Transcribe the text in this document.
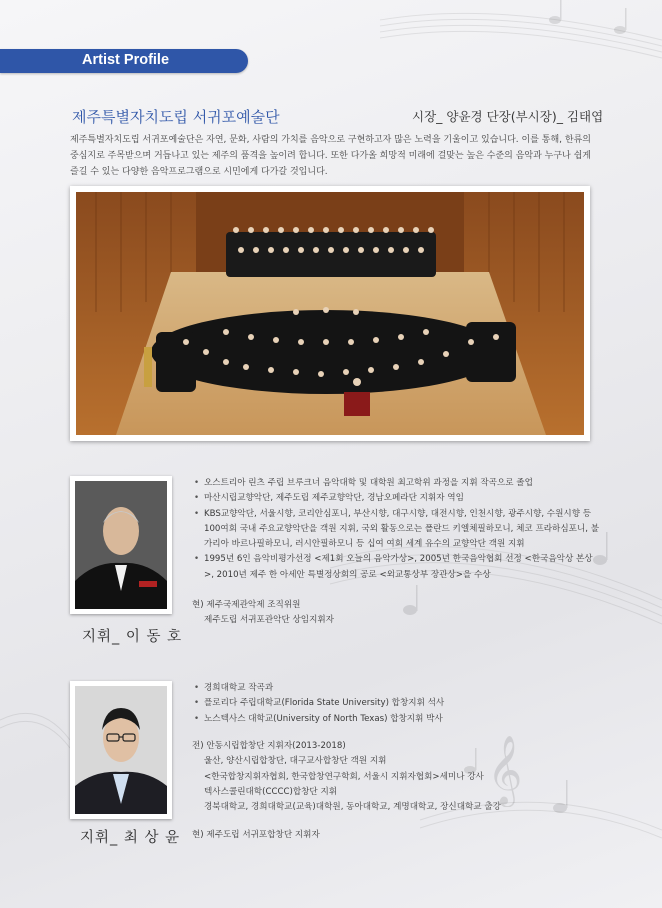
𝄞
Artist Profile
제주특별자치도립 서귀포예술단	시장_ 양윤경 단장(부시장)_ 김태엽
제주특별자치도립 서귀포예술단은 자연, 문화, 사람의 가치를 음악으로 구현하고자 많은 노력을 기울이고 있습니다. 이를 통해, 한류의 중심지로 주목받으며 거듭나고 있는 제주의 품격을 높이려 합니다. 또한 다가올 희망적 미래에 걸맞는 높은 수준의 음악과 누구나 쉽게 즐길 수 있는 다양한 음악프로그램으로 시민에게 다가갈 것입니다.
지휘_ 이 동 호
• 오스트리아 린츠 주립 브루크너 음악대학 및 대학원 최고학위 과정을 지휘 작곡으로 졸업
• 마산시립교향악단, 제주도립 제주교향악단, 경남오페라단 지휘자 역임
• KBS교향악단, 서울시향, 코리안심포니, 부산시향, 대구시향, 대전시향, 인천시향, 광주시향, 수원시향 등 100여회 국내 주요교향악단을 객원 지휘, 국외 활동으로는 폴란드 키엘체필하모니, 체코 프라하심포니, 불가리아 바르나필하모니, 러시안필하모니 등 십여 여회 세계 유수의 교향악단 객원 지휘
• 1995년 6인 음악비평가선정 <제1회 오늘의 음악가상>, 2005년 한국음악협회 선정 <한국음악상 본상>, 2010년 제주 한 아세안 특별정상회의 공로 <외교통상부 장관상>을 수상
현) 제주국제관악제 조직위원
제주도립 서귀포관악단 상임지휘자
지휘_ 최 상 윤
• 경희대학교 작곡과
• 플로리다 주립대학교(Florida State University) 합창지휘 석사
• 노스텍사스 대학교(University of North Texas) 합창지휘 박사
전) 안동시립합창단 지휘자(2013-2018)
울산, 양산시립합창단, 대구교사합창단 객원 지휘
<한국합창지휘자협회, 한국합창연구학회, 서울시 지휘자협회>세미나 강사
텍사스콜린대학(CCCC)합창단 지휘
경북대학교, 경희대학교(교육)대학원, 동아대학교, 계명대학교, 장신대학교 출강
현) 제주도립 서귀포합창단 지휘자
